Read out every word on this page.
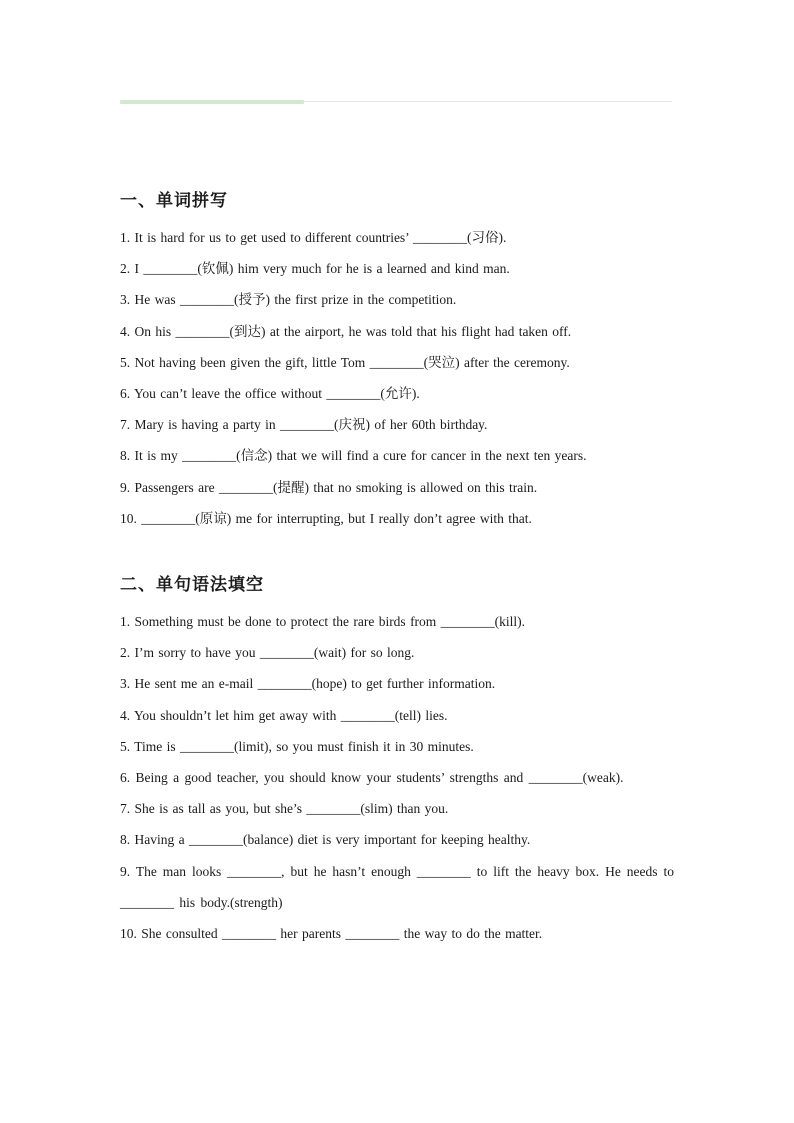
一、单词拼写
1. It is hard for us to get used to different countries’ ________(习俗).
2. I ________(钦佩) him very much for he is a learned and kind man.
3. He was ________(授予) the first prize in the competition.
4. On his ________(到达) at the airport, he was told that his flight had taken off.
5. Not having been given the gift, little Tom ________(哭泣) after the ceremony.
6. You can’t leave the office without ________(允许).
7. Mary is having a party in ________(庆祝) of her 60th birthday.
8. It is my ________(信念) that we will find a cure for cancer in the next ten years.
9. Passengers are ________(提醒) that no smoking is allowed on this train.
10. ________(原谅) me for interrupting, but I really don’t agree with that.
二、单句语法填空
1. Something must be done to protect the rare birds from ________(kill).
2. I’m sorry to have you ________(wait) for so long.
3. He sent me an e-mail ________(hope) to get further information.
4. You shouldn’t let him get away with ________(tell) lies.
5. Time is ________(limit), so you must finish it in 30 minutes.
6. Being a good teacher, you should know your students’ strengths and ________(weak).
7. She is as tall as you, but she’s ________(slim) than you.
8. Having a ________(balance) diet is very important for keeping healthy.
9. The man looks ________, but he hasn’t enough ________ to lift the heavy box. He needs to ________ his body.(strength)
10. She consulted ________ her parents ________ the way to do the matter.
